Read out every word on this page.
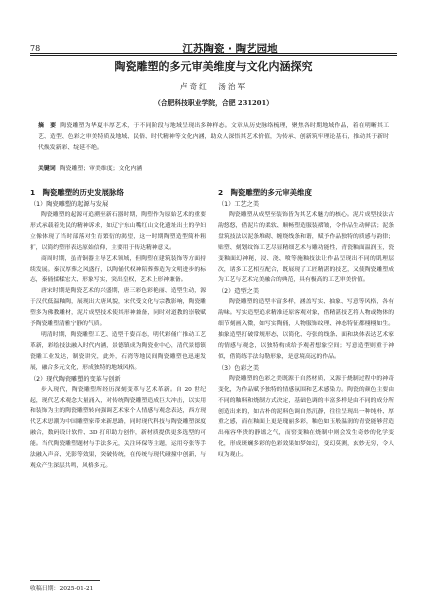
78	江苏陶瓷 · 陶艺园地
陶瓷雕塑的多元审美维度与文化内涵探究
卢奇红　汤治军
（合肥科技职业学院，合肥 231201）
摘　要 陶瓷雕塑为华夏丰厚艺术，于不同阶段与地域呈现出多种样态。文章从历史脉络梳理，聚焦各时期地域作品，着在明晰其工艺、造型、色彩之审美特质及地域、民俗、时代精神等文化内涵，助众人深悟其艺术价值，为传承、创新筑牢理论基石，推动其于新时代焕发新彩、绽延不绝。
关键词 陶瓷雕塑；审美维度；文化内涵
1　陶瓷雕塑的历史发展脉络
（1）陶瓷雕塑的起源与发展

陶瓷雕塑的起源可追溯至新石器时期，陶塑作为原始艺术的重要形式承载着先民的精神诉求，如辽宁东山嘴红山文化遗址出土的孕妇立像体现了当时部落对生育繁衍的渴望，这一时期陶塑造型简朴粗犷，以简约塑形表达原始信仰，主要用于传达精神意义。

商周时期，虽青铜器主导艺术领域，但陶塑在建筑装饰等方面持续发展。秦汉厚葬之风盛行，以陶俑代权神陪葬葬造为文明进步的标志，秦俑揉糅宏大、形象写实，突出皇权，艺术上形神兼备。

唐宋时期是陶瓷艺术的兴盛期，唐三彩色彩艳丽、造型生动，源于汉代低温釉陶，展现出大唐风貌，宋代受文化与宗教影响，陶瓷雕塑多为佛教雕材，泥片成型技术使其形神兼备，同时对道教的崇敬赋予陶瓷雕塑清雅宁静的气质。

明清时期，陶瓷雕塑工艺、造型千姿百态，明代彩俑广推动工艺革新，彩绘技法融入时代内涵，景德镇成为陶瓷业中心，清代景德镇瓷雕工业发达，制瓷讲究，此外，石湾等地民间陶瓷雕塑也迅速发展，融合多元文化，形成独特的地域风格。

（2）现代陶瓷雕塑的变革与创新

步入现代，陶瓷雕塑所经历深刻变革与艺术革新。自 20 世纪起，现代艺术观念大量涌入，对传统陶瓷雕塑造成巨大冲击，以实用和装饰为主的陶瓷雕塑转向强调艺术家个人情感与观念表达，西方现代艺术思潮为中国雕塑家带来新思路，同时现代科技与陶瓷雕塑深度融合，数码设计软件、3D 打印助力创作，新材质提供更多选型的可能。当代陶瓷雕塑题材与手法多元，关注环保等主题，运用夸张等手法融入声音、光影等效果，突破传统，在传统与现代碰撞中创新，与观众产生深层共鸣，风格多元。

2　陶瓷雕塑的多元审美维度
（1）工艺之美

陶瓷雕塑从成型至装饰皆为其艺术魅力的核心。泥片成型技法古韵悠悠，借泥片的柔软、顺畅塑造服装褶皱，令作品生动鲜活；泥条盘筑技法以泥条堆砌、缠绕线条和谐，赋予作品独特的质感与韵律；贴塑、刻划纹饰工艺尽显精细艺术与雕功能性，青瓷釉面温润玉，瓷变釉面幻神秘，浸、浇、喷等施釉技法让作品呈现出不同的肌理层次，诸多工艺相互配合，既展现了工匠精湛的技艺，又使陶瓷雕塑成为工艺与艺术完美融合的典范，具有极高的工艺审美价值。

（2）造型之美

陶瓷雕塑的造型丰富多样，涵盖写实、抽象、写意等风格，各有韵味。写实造型追求精准还原客观对象，借精湛技艺将人物或物体的细节刻画入微，如写实陶俑，人物服饰纹理、神态特征都栩栩如生。抽象造型打破常规形态，以简化、夸张的线条、面和块体表达艺术家的情感与观念，以独特构成给予观者想象空间；写意造型则重于神似，借简练手法勾勒形象，是意境高远的作品。

（3）色彩之美

陶瓷雕塑的色彩之美既源于自然材质，又源于烧制过程中的神奇变化，为作品赋予独特的情感氛围和艺术感染力。陶瓷的颜色主要由不同的釉料和烧制方式决定，基础色调的丰富多样是由不同的成分所创造出来的，如古朴的泥料色调自然沉静，往往呈现出一种纯朴、厚重之感，而在釉面上更是瑰丽多彩，釉色如玉般温润的青瓷能够营造出雍容华贵的静谧之气，而窑变釉在烧制中则会发生奇妙的化学变化，形成斑斓多彩的色彩效果如梦如幻，变幻莫测，玄妙无穷，令人叹为观止。

收稿日期：2025-01-21
